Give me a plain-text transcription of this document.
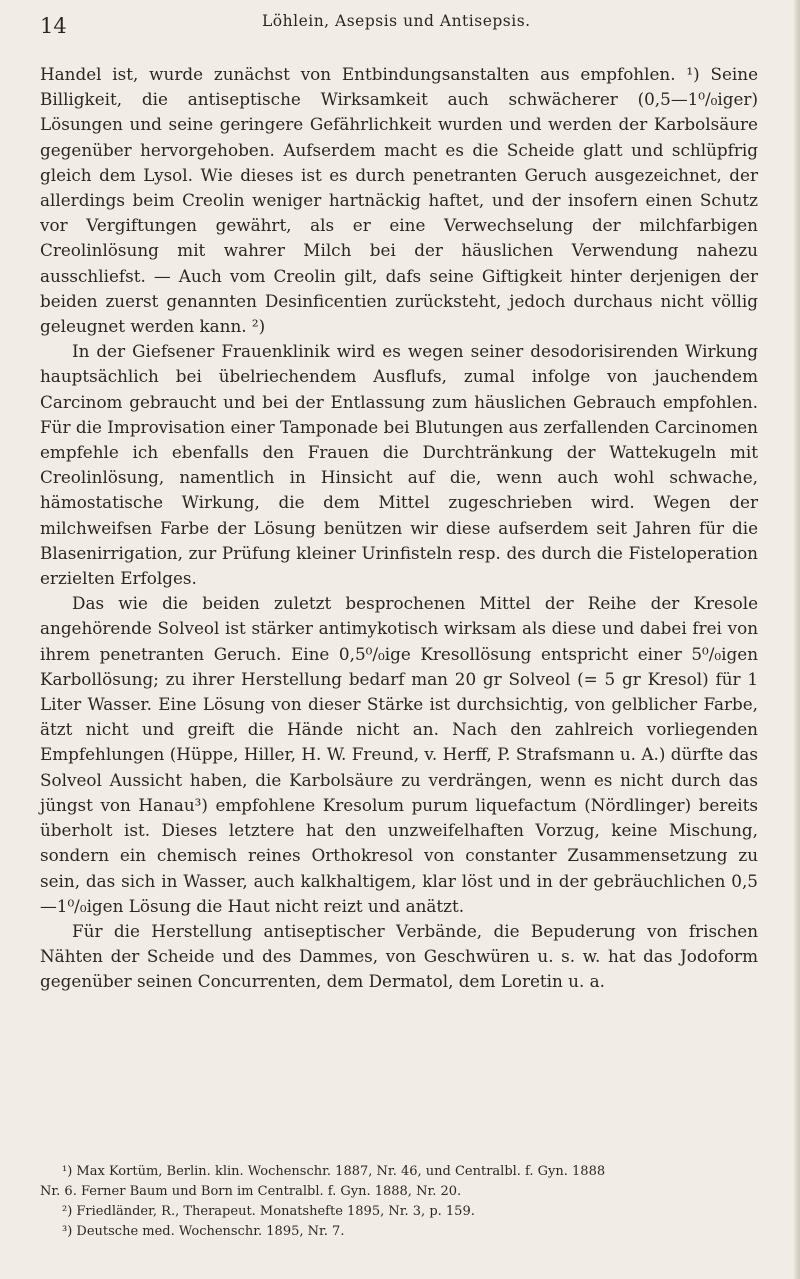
14	Löhlein, Asepsis und Antisepsis.

Handel ist, wurde zunächst von Entbindungsanstalten aus empfohlen. ¹) Seine Billigkeit, die antiseptische Wirksamkeit auch schwächerer (0,5—1⁰/₀iger) Lösungen und seine geringere Gefährlichkeit wurden und werden der Karbolsäure gegenüber hervorgehoben. Aufserdem macht es die Scheide glatt und schlüpfrig gleich dem Lysol. Wie dieses ist es durch penetranten Geruch ausgezeichnet, der allerdings beim Creolin weniger hartnäckig haftet, und der insofern einen Schutz vor Vergiftungen gewährt, als er eine Verwechselung der milchfarbigen Creolinlösung mit wahrer Milch bei der häuslichen Verwendung nahezu ausschliefst. — Auch vom Creolin gilt, dafs seine Giftigkeit hinter derjenigen der beiden zuerst genannten Desinficentien zurücksteht, jedoch durchaus nicht völlig geleugnet werden kann. ²)

In der Giefsener Frauenklinik wird es wegen seiner desodorisirenden Wirkung hauptsächlich bei übelriechendem Ausflufs, zumal infolge von jauchendem Carcinom gebraucht und bei der Entlassung zum häuslichen Gebrauch empfohlen. Für die Improvisation einer Tamponade bei Blutungen aus zerfallenden Carcinomen empfehle ich ebenfalls den Frauen die Durchtränkung der Wattekugeln mit Creolinlösung, namentlich in Hinsicht auf die, wenn auch wohl schwache, hämostatische Wirkung, die dem Mittel zugeschrieben wird. Wegen der milchweifsen Farbe der Lösung benützen wir diese aufserdem seit Jahren für die Blasenirrigation, zur Prüfung kleiner Urinfisteln resp. des durch die Fisteloperation erzielten Erfolges.

Das wie die beiden zuletzt besprochenen Mittel der Reihe der Kresole angehörende Solveol ist stärker antimykotisch wirksam als diese und dabei frei von ihrem penetranten Geruch. Eine 0,5⁰/₀ige Kresollösung entspricht einer 5⁰/₀igen Karbollösung; zu ihrer Herstellung bedarf man 20 gr Solveol (= 5 gr Kresol) für 1 Liter Wasser. Eine Lösung von dieser Stärke ist durchsichtig, von gelblicher Farbe, ätzt nicht und greift die Hände nicht an. Nach den zahlreich vorliegenden Empfehlungen (Hüppe, Hiller, H. W. Freund, v. Herff, P. Strafsmann u. A.) dürfte das Solveol Aussicht haben, die Karbolsäure zu verdrängen, wenn es nicht durch das jüngst von Hanau³) empfohlene Kresolum purum liquefactum (Nördlinger) bereits überholt ist. Dieses letztere hat den unzweifelhaften Vorzug, keine Mischung, sondern ein chemisch reines Orthokresol von constanter Zusammensetzung zu sein, das sich in Wasser, auch kalkhaltigem, klar löst und in der gebräuchlichen 0,5—1⁰/₀igen Lösung die Haut nicht reizt und anätzt.

Für die Herstellung antiseptischer Verbände, die Bepuderung von frischen Nähten der Scheide und des Dammes, von Geschwüren u. s. w. hat das Jodoform gegenüber seinen Concurrenten, dem Dermatol, dem Loretin u. a.

¹) Max Kortüm, Berlin. klin. Wochenschr. 1887, Nr. 46, und Centralbl. f. Gyn. 1888

Nr. 6. Ferner Baum und Born im Centralbl. f. Gyn. 1888, Nr. 20.

²) Friedländer, R., Therapeut. Monatshefte 1895, Nr. 3, p. 159.

³) Deutsche med. Wochenschr. 1895, Nr. 7.
